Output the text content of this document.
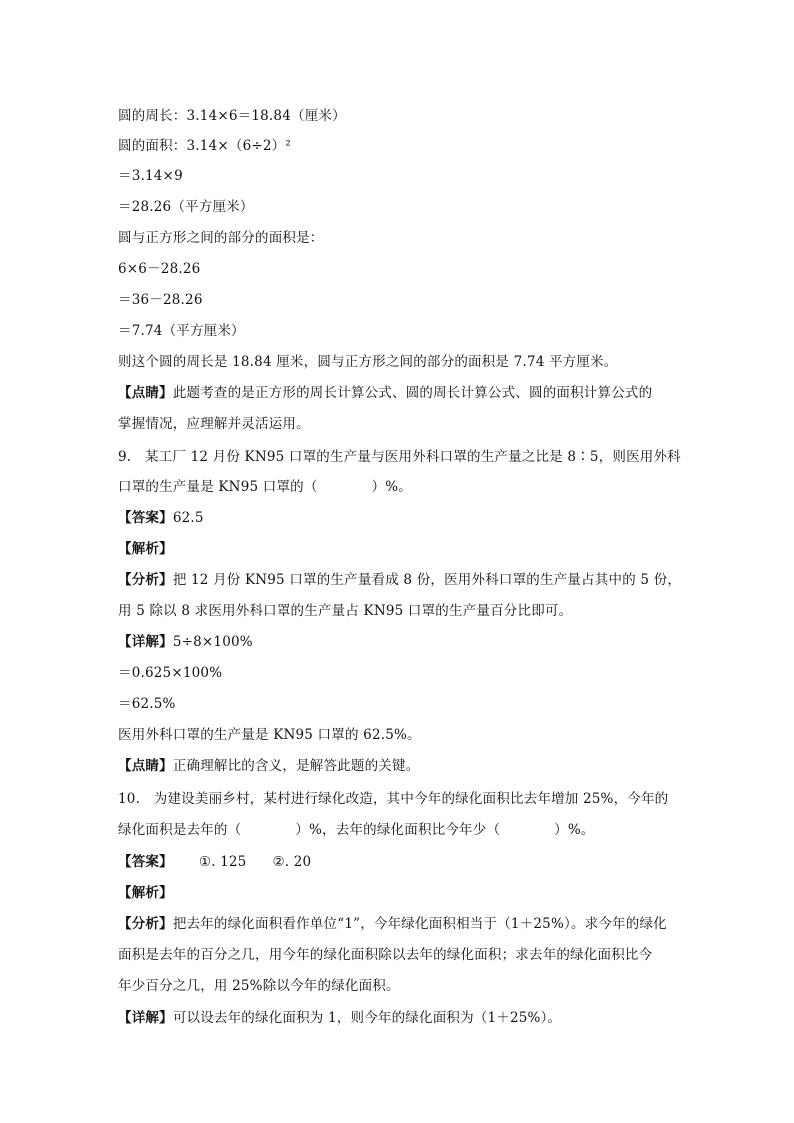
圆的周长：3.14×6＝18.84（厘米）
圆的面积：3.14×（6÷2）²
＝3.14×9
＝28.26（平方厘米）
圆与正方形之间的部分的面积是：
6×6－28.26
＝36－28.26
＝7.74（平方厘米）
则这个圆的周长是 18.84 厘米，圆与正方形之间的部分的面积是 7.74 平方厘米。
【点睛】此题考查的是正方形的周长计算公式、圆的周长计算公式、圆的面积计算公式的
掌握情况，应理解并灵活运用。
9.　某工厂 12 月份 KN95 口罩的生产量与医用外科口罩的生产量之比是 8∶5，则医用外科
口罩的生产量是 KN95 口罩的（	）%。
【答案】62.5
【解析】
【分析】把 12 月份 KN95 口罩的生产量看成 8 份，医用外科口罩的生产量占其中的 5 份，
用 5 除以 8 求医用外科口罩的生产量占 KN95 口罩的生产量百分比即可。
【详解】5÷8×100%
＝0.625×100%
＝62.5%
医用外科口罩的生产量是 KN95 口罩的 62.5%。
【点睛】正确理解比的含义，是解答此题的关键。
10.　为建设美丽乡村，某村进行绿化改造，其中今年的绿化面积比去年增加 25%，今年的
绿化面积是去年的（	）%，去年的绿化面积比今年少（	）%。
【答案】 ①. 125 ②. 20
【解析】
【分析】把去年的绿化面积看作单位“1”，今年绿化面积相当于（1＋25%）。求今年的绿化
面积是去年的百分之几，用今年的绿化面积除以去年的绿化面积；求去年的绿化面积比今
年少百分之几，用 25%除以今年的绿化面积。
【详解】可以设去年的绿化面积为 1，则今年的绿化面积为（1＋25%）。
